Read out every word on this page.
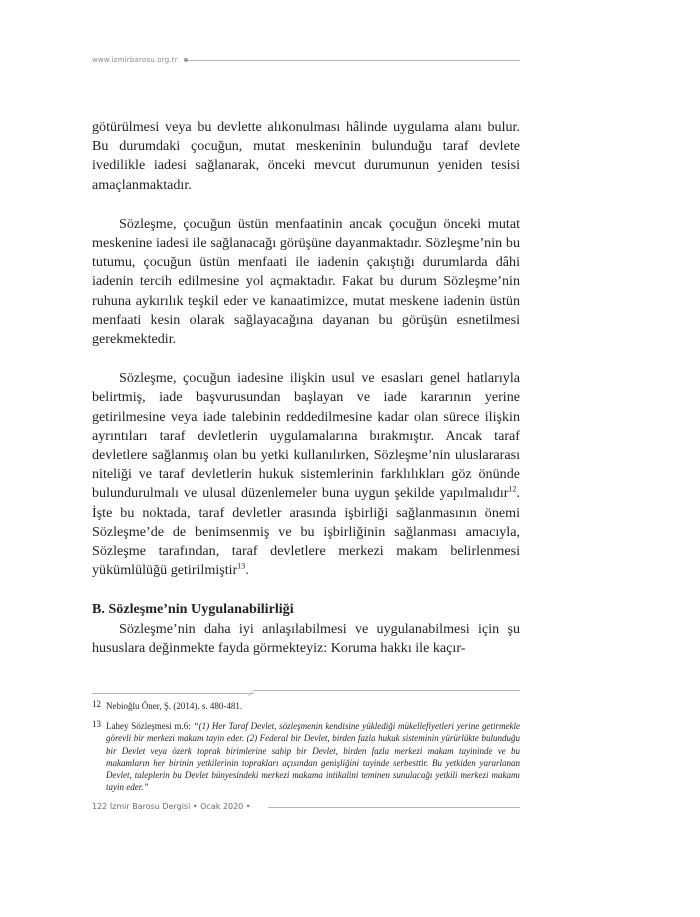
www.izmirbarosu.org.tr

götürülmesi veya bu devlette alıkonulması hâlinde uygulama alanı bulur. Bu durumdaki çocuğun, mutat meskeninin bulunduğu taraf devlete ivedilikle iadesi sağlanarak, önceki mevcut durumunun yeniden tesisi amaçlanmaktadır.

Sözleşme, çocuğun üstün menfaatinin ancak çocuğun önceki mutat meskenine iadesi ile sağlanacağı görüşüne dayanmaktadır. Sözleşme’nin bu tutumu, çocuğun üstün menfaati ile iadenin çakıştığı durumlarda dâhi iadenin tercih edilmesine yol açmaktadır. Fakat bu durum Sözleşme’nin ruhuna aykırılık teşkil eder ve kanaatimizce, mutat meskene iadenin üstün menfaati kesin olarak sağlayacağına dayanan bu görüşün esnetilmesi gerekmektedir.

Sözleşme, çocuğun iadesine ilişkin usul ve esasları genel hatlarıyla belirtmiş, iade başvurusundan başlayan ve iade kararının yerine getirilmesine veya iade talebinin reddedilmesine kadar olan sürece ilişkin ayrıntıları taraf devletlerin uygulamalarına bırakmıştır. Ancak taraf devletlere sağlanmış olan bu yetki kullanılırken, Sözleşme’nin uluslararası niteliği ve taraf devletlerin hukuk sistemlerinin farklılıkları göz önünde bulundurulmalı ve ulusal düzenlemeler buna uygun şekilde yapılmalıdır$^{12}$. İşte bu noktada, taraf devletler arasında işbirliği sağlanmasının önemi Sözleşme’de de benimsenmiş ve bu işbirliğinin sağlanması amacıyla, Sözleşme tarafından, taraf devletlere merkezi makam belirlenmesi yükümlülüğü getirilmiştir$^{13}$.

B. Sözleşme’nin Uygulanabilirliği

Sözleşme’nin daha iyi anlaşılabilmesi ve uygulanabilmesi için şu hususlara değinmekte fayda görmekteyiz: Koruma hakkı ile kaçır-

12 Nebioğlu Öner, Ş. (2014). s. 480-481.
13 Lahey Sözleşmesi m.6: “(1) Her Taraf Devlet, sözleşmenin kendisine yüklediği mükellefiyetleri yerine getirmekle görevli bir merkezi makam tayin eder. (2) Federal bir Devlet, birden fazla hukuk sisteminin yürürlükte bulunduğu bir Devlet veya özerk toprak birimlerine sahip bir Devlet, birden fazla merkezi makam tayininde ve bu makamların her birinin yetkilerinin toprakları açısından genişliğini tayinde serbesttir. Bu yetkiden yararlanan Devlet, taleplerin bu Devlet bünyesindeki merkezi makama intikalini teminen sunulacağı yetkili merkezi makamı tayin eder.”
122 İzmir Barosu Dergisi • Ocak 2020 •
